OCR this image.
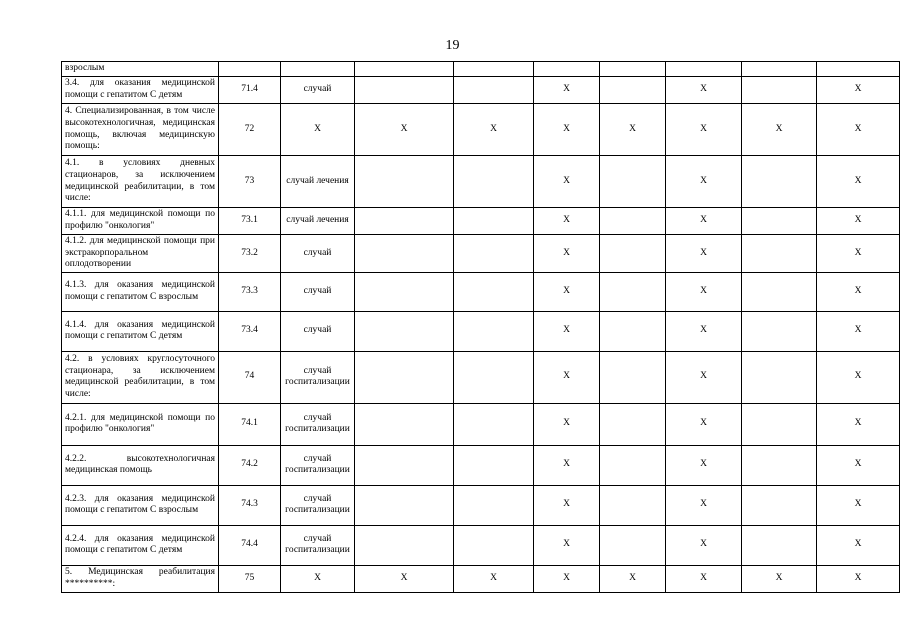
19
взрослым									
3.4. для оказания медицинской помощи с гепатитом С детям	71.4	случай			X		X		X
4. Специализированная, в том числе высокотехнологичная, медицинская помощь, включая медицинскую помощь:	72	X	X	X	X	X	X	X	X
4.1. в условиях дневных стационаров, за исключением медицинской реабилитации, в том числе:	73	случай лечения			X		X		X
4.1.1. для медицинской помощи по профилю "онкология"	73.1	случай лечения			X		X		X
4.1.2. для медицинской помощи при экстракорпоральном оплодотворении	73.2	случай			X		X		X
4.1.3. для оказания медицинской помощи с гепатитом С взрослым	73.3	случай			X		X		X
4.1.4. для оказания медицинской помощи с гепатитом С детям	73.4	случай			X		X		X
4.2. в условиях круглосуточного стационара, за исключением медицинской реабилитации, в том числе:	74	случай госпитализации			X		X		X
4.2.1. для медицинской помощи по профилю "онкология"	74.1	случай госпитализации			X		X		X
4.2.2. высокотехнологичная медицинская помощь	74.2	случай госпитализации			X		X		X
4.2.3. для оказания медицинской помощи с гепатитом С взрослым	74.3	случай госпитализации			X		X		X
4.2.4. для оказания медицинской помощи с гепатитом С детям	74.4	случай госпитализации			X		X		X
5. Медицинская реабилитация **********:	75	X	X	X	X	X	X	X	X
